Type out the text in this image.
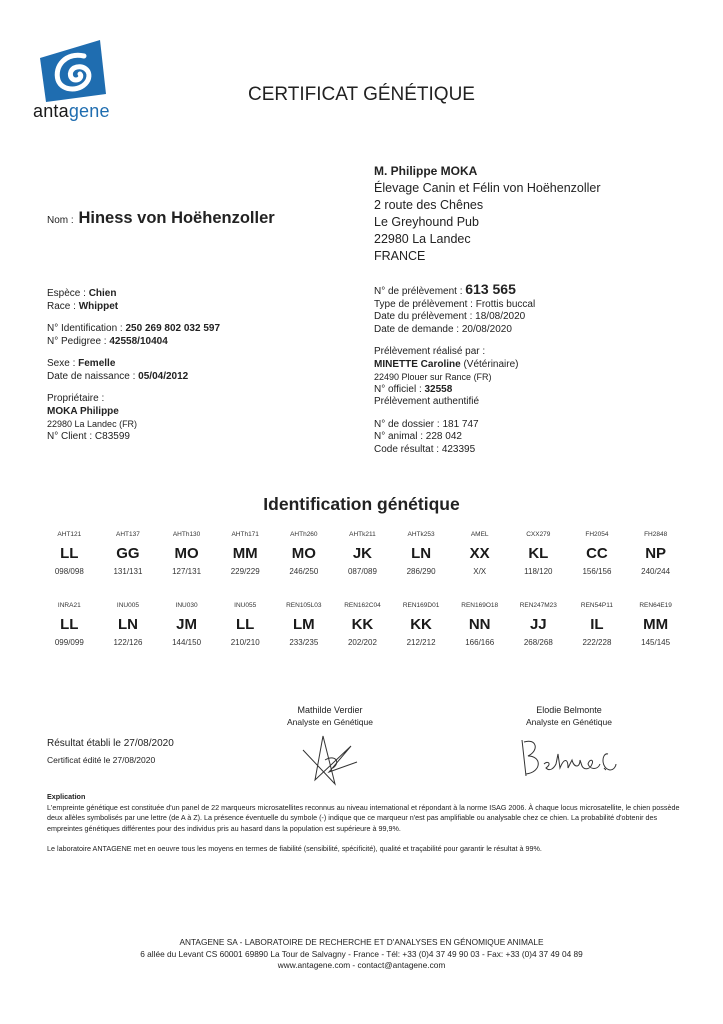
antagene
CERTIFICAT GÉNÉTIQUE
M. Philippe MOKA
Élevage Canin et Félin von Hoëhenzoller
2 route des Chênes
Le Greyhound Pub
22980 La Landec
FRANCE
Nom : Hiness von Hoëhenzoller
Espèce : Chien
Race : Whippet
N° Identification : 250 269 802 032 597
N° Pedigree : 42558/10404
Sexe : Femelle
Date de naissance : 05/04/2012
Propriétaire :
MOKA Philippe
22980 La Landec (FR)
N° Client : C83599
N° de prélèvement : 613 565
Type de prélèvement : Frottis buccal
Date du prélèvement : 18/08/2020
Date de demande : 20/08/2020
Prélèvement réalisé par :
MINETTE Caroline (Vétérinaire)
22490 Plouer sur Rance (FR)
N° officiel : 32558
Prélèvement authentifié
N° de dossier : 181 747
N° animal : 228 042
Code résultat : 423395
Identification génétique
AHT121	AHT137	AHTh130	AHTh171	AHTh260	AHTk211	AHTk253	AMEL	CXX279	FH2054	FH2848
LL	GG	MO	MM	MO	JK	LN	XX	KL	CC	NP
098/098	131/131	127/131	229/229	246/250	087/089	286/290	X/X	118/120	156/156	240/244
INRA21	INU005	INU030	INU055	REN105L03	REN162C04	REN169D01	REN169O18	REN247M23	REN54P11	REN64E19
LL	LN	JM	LL	LM	KK	KK	NN	JJ	IL	MM
099/099	122/126	144/150	210/210	233/235	202/202	212/212	166/166	268/268	222/228	145/145
Mathilde Verdier
Analyste en Génétique
Elodie Belmonte
Analyste en Génétique
Résultat établi le 27/08/2020
Certificat édité le 27/08/2020
Explication
L'empreinte génétique est constituée d'un panel de 22 marqueurs microsatellites reconnus au niveau international et répondant à la norme ISAG 2006. À chaque locus microsatellite, le chien possède deux allèles symbolisés par une lettre (de A à Z). La présence éventuelle du symbole (-) indique que ce marqueur n'est pas amplifiable ou analysable chez ce chien. La probabilité d'obtenir des empreintes génétiques différentes pour des individus pris au hasard dans la population est supérieure à 99,9%.
Le laboratoire ANTAGENE met en oeuvre tous les moyens en termes de fiabilité (sensibilité, spécificité), qualité et traçabilité pour garantir le résultat à 99%.
ANTAGENE SA - LABORATOIRE DE RECHERCHE ET D'ANALYSES EN GÉNOMIQUE ANIMALE
6 allée du Levant CS 60001 69890 La Tour de Salvagny - France - Tél: +33 (0)4 37 49 90 03 - Fax: +33 (0)4 37 49 04 89
www.antagene.com - contact@antagene.com
